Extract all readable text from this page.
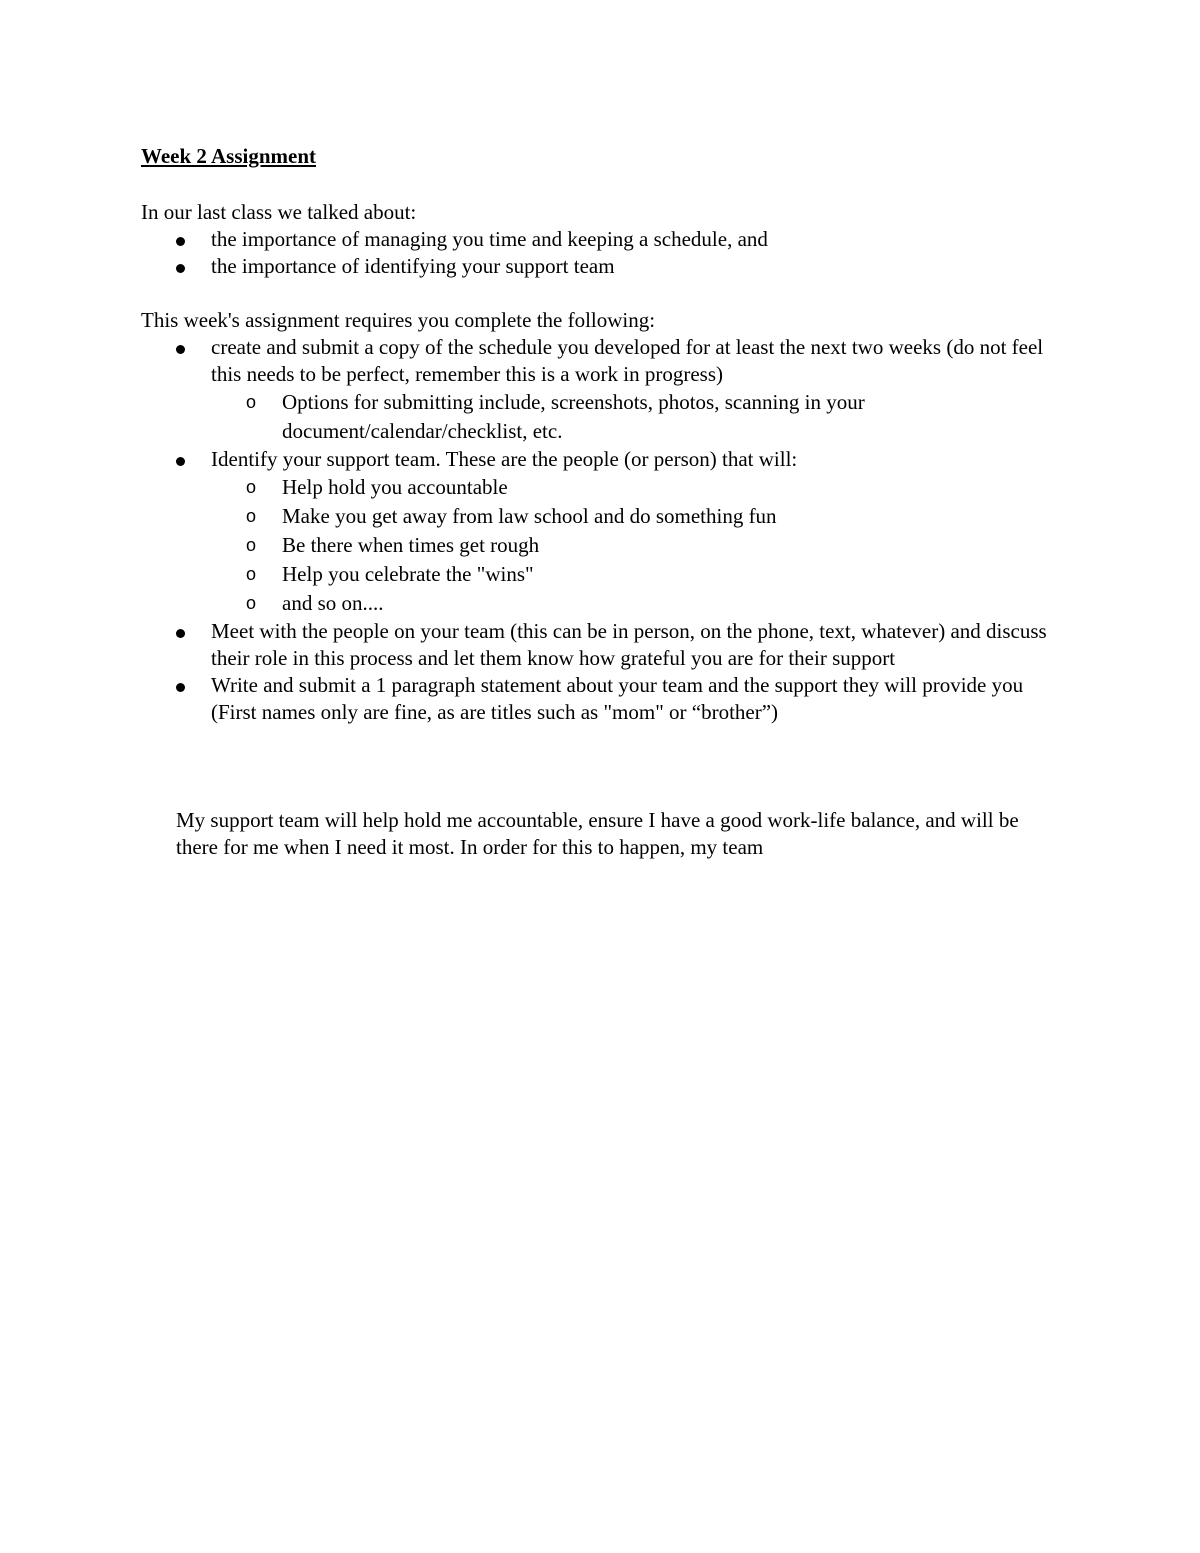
Week 2 Assignment

In our last class we talked about:

the importance of managing you time and keeping a schedule, and
the importance of identifying your support team

This week's assignment requires you complete the following:

create and submit a copy of the schedule you developed for at least the next two weeks (do not feel this needs to be perfect, remember this is a work in progress)
o Options for submitting include, screenshots, photos, scanning in your document/calendar/checklist, etc.
Identify your support team. These are the people (or person) that will:
o Help hold you accountable
o Make you get away from law school and do something fun
o Be there when times get rough
o Help you celebrate the "wins"
o and so on....
Meet with the people on your team (this can be in person, on the phone, text, whatever) and discuss their role in this process and let them know how grateful you are for their support
Write and submit a 1 paragraph statement about your team and the support they will provide you (First names only are fine, as are titles such as "mom" or “brother”)

My support team will help hold me accountable, ensure I have a good work-life balance, and will be there for me when I need it most. In order for this to happen, my team
